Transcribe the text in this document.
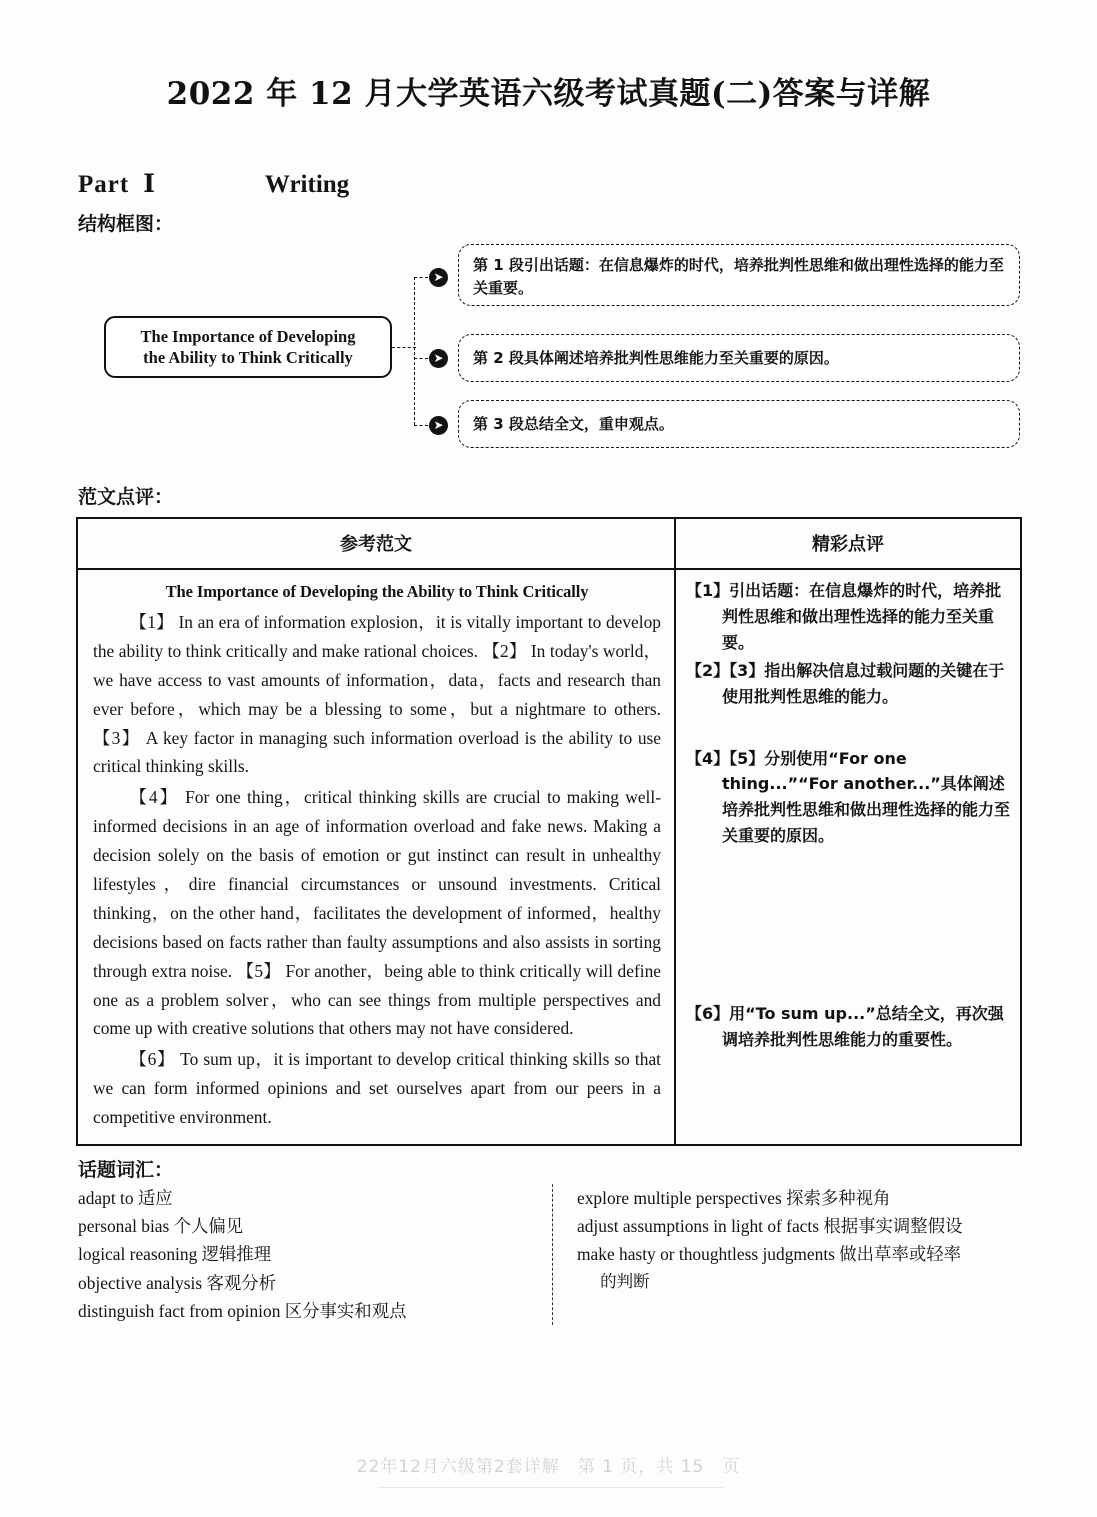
2022 年 12 月大学英语六级考试真题(二)答案与详解
Part Ⅰ	Writing
结构框图：
The Importance of Developing
the Ability to Think Critically
➤
➤
➤
第 1 段引出话题：在信息爆炸的时代，培养批判性思维和做出理性选择的能力至关重要。
第 2 段具体阐述培养批判性思维能力至关重要的原因。
第 3 段总结全文，重申观点。
范文点评：
参考范文	精彩点评

The Importance of Developing the Ability to Think Critically

【1】 In an era of information explosion，it is vitally important to develop the ability to think critically and make rational choices. 【2】 In today's world， we have access to vast amounts of information，data，facts and research than ever before，which may be a blessing to some，but a nightmare to others. 【3】 A key factor in managing such information overload is the ability to use critical thinking skills.

【4】 For one thing，critical thinking skills are crucial to making well-informed decisions in an age of information overload and fake news. Making a decision solely on the basis of emotion or gut instinct can result in unhealthy lifestyles，dire financial circumstances or unsound investments. Critical thinking，on the other hand，facilitates the development of informed，healthy decisions based on facts rather than faulty assumptions and also assists in sorting through extra noise. 【5】 For another，being able to think critically will define one as a problem solver，who can see things from multiple perspectives and come up with creative solutions that others may not have considered.

【6】 To sum up，it is important to develop critical thinking skills so that we can form informed opinions and set ourselves apart from our peers in a competitive environment.

【1】引出话题：在信息爆炸的时代，培养批判性思维和做出理性选择的能力至关重要。

【2】【3】指出解决信息过载问题的关键在于使用批判性思维的能力。

【4】【5】分别使用“For one thing...”“For another...”具体阐述培养批判性思维和做出理性选择的能力至关重要的原因。

【6】用“To sum up...”总结全文，再次强调培养批判性思维能力的重要性。

话题词汇：

adapt to 适应

personal bias 个人偏见

logical reasoning 逻辑推理

objective analysis 客观分析

distinguish fact from opinion 区分事实和观点

explore multiple perspectives 探索多种视角

adjust assumptions in light of facts 根据事实调整假设

make hasty or thoughtless judgments 做出草率或轻率

的判断

22年12月六级第2套详解　第 1 页，共 15　页
